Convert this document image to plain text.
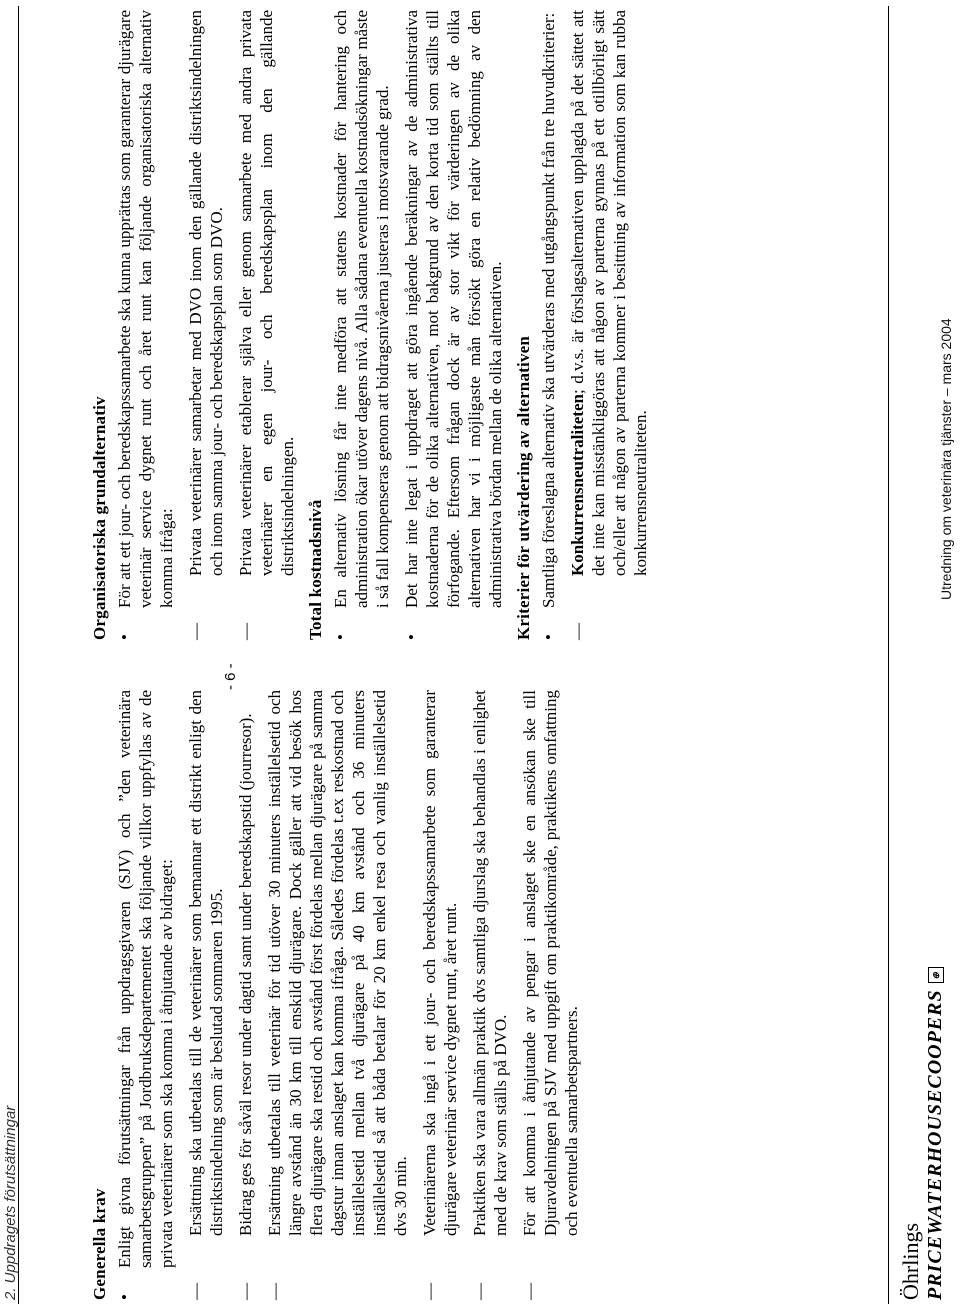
2. Uppdragets förutsättningar	Generella krav • Enligt givna förutsättningar från uppdragsgivaren (SJV) och ”den veterinära samarbetsgruppen” på Jordbruksdepartementet ska följande villkor uppfyllas av de privata veterinärer som ska komma i åtnjutande av bidraget: — Ersättning ska utbetalas till de veterinärer som bemannar ett distrikt enligt den distriktsindelning som är beslutad sommaren 1995. — Bidrag ges för såväl resor under dagtid samt under beredskapstid (jourresor). — Ersättning utbetalas till veterinär för tid utöver 30 minuters inställelsetid och längre avstånd än 30 km till enskild djurägare. Dock gäller att vid besök hos flera djurägare ska restid och avstånd först fördelas mellan djurägare på samma dagstur innan anslaget kan komma ifråga. Således fördelas t.ex reskostnad och inställelsetid mellan två djurägare på 40 km avstånd och 36 minuters inställelsetid så att båda betalar för 20 km enkel resa och vanlig inställelsetid dvs 30 min. — Veterinärerna ska ingå i ett jour- och beredskapssamarbete som garanterar djurägare veterinär service dygnet runt, året runt. — Praktiken ska vara allmän praktik dvs samtliga djurslag ska behandlas i enlighet med de krav som ställs på DVO. — För att komma i åtnjutande av pengar i anslaget ske en ansökan ske till Djuravdelningen på SJV med uppgift om praktikområde, praktikens omfattning och eventuella samarbetspartners.

- 6 -
Organisatoriska grundalternativ • För att ett jour- och beredskapssamarbete ska kunna upprättas som garanterar djurägare veterinär service dygnet runt och året runt kan följande organisatoriska alternativ komma ifråga: — Privata veterinärer samarbetar med DVO inom den gällande distriktsindelningen och inom samma jour- och beredskapsplan som DVO. — Privata veterinärer etablerar själva eller genom samarbete med andra privata veterinärer en egen jour- och beredskapsplan inom den gällande distriktsindelningen. Total kostnadsnivå • En alternativ lösning får inte medföra att statens kostnader för hantering och administration ökar utöver dagens nivå. Alla sådana eventuella kostnadsökningar måste i så fall kompenseras genom att bidragsnivåerna justeras i motsvarande grad. • Det har inte legat i uppdraget att göra ingående beräkningar av de administrativa kostnaderna för de olika alternativen, mot bakgrund av den korta tid som ställts till förfogande. Eftersom frågan dock är av stor vikt för värderingen av de olika alternativen har vi i möjligaste mån försökt göra en relativ bedömning av den administrativa bördan mellan de olika alternativen. Kriterier för utvärdering av alternativen • Samtliga föreslagna alternativ ska utvärderas med utgångspunkt från tre huvudkriterier: — Konkurrensneutraliteten; d.v.s. är förslagsalternativen upplagda på det sättet att det inte kan misstänkliggöras att någon av parterna gynnas på ett otillbörligt sätt och/eller att någon av parterna kommer i besittning av information som kan rubba konkurrensneutraliteten.	Utredning om veterinära tjänster – mars 2004
Öhrlings PRICEWATERHOUSECOOPERS⊕
